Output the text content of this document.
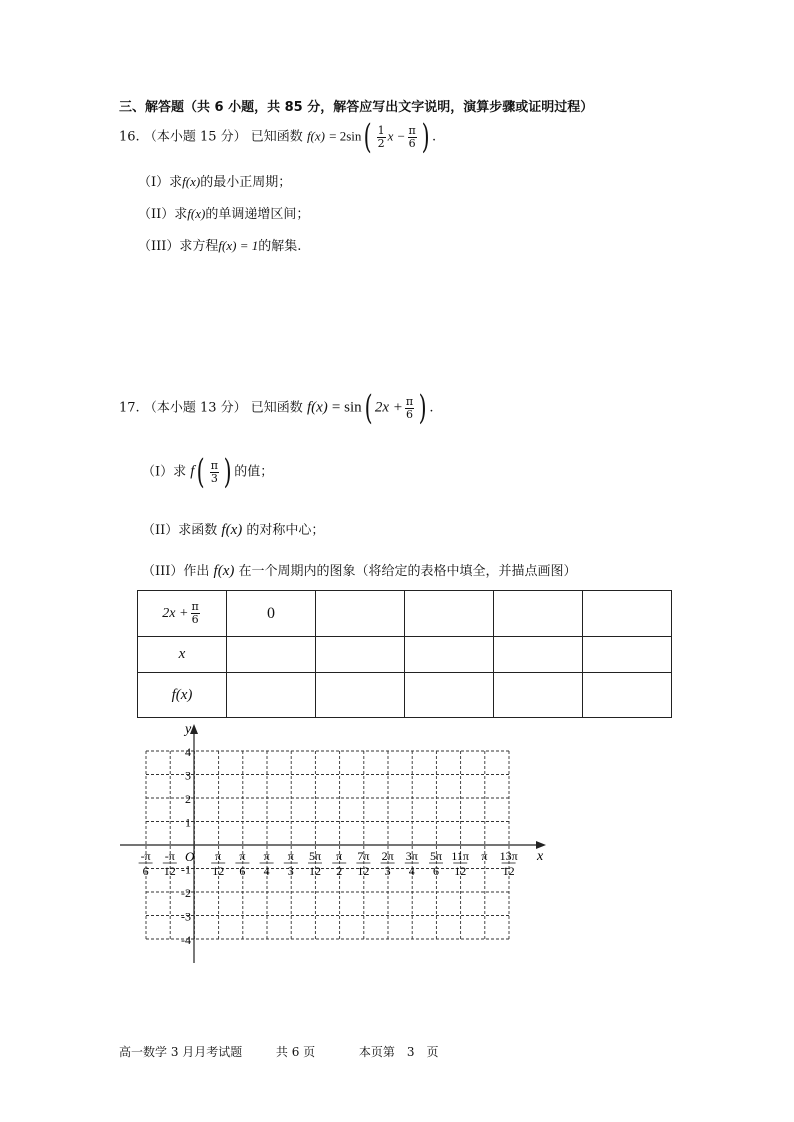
三、解答题（共 6 小题，共 85 分，解答应写出文字说明，演算步骤或证明过程）
16. （本小题 15 分） 已知函数 $f(x) = 2\sin( \frac{1}{2}$ $x - \frac{\pi}{6}$ ) .
（I）求f(x)的最小正周期；
（II）求f(x)的单调递增区间；
（III）求方程f(x) = 1的解集.
17. （本小题 13 分） 已知函数 f(x) = sin( $2x + \frac{\pi}{6}$ ) .
（I）求 $f( \frac{\pi}{3}$ ) 的值；
（II）求函数 f(x) 的对称中心；
（III）作出 f(x) 在一个周期内的图象（将给定的表格中填全，并描点画图）
$2x + \frac{\pi}{6}$	0				
x					
f(x)					
y
x
O
4
3
2
1
-1
-2
-3
-4
-π
6
-π
12
π
12
π
6
π
4
π
3
5π
12
π
2
7π
12
2π
3
3π
4
5π
6
11π
12
π 13π
12
高一数学 3 月月考试题	共 6 页	本页第　3　页
